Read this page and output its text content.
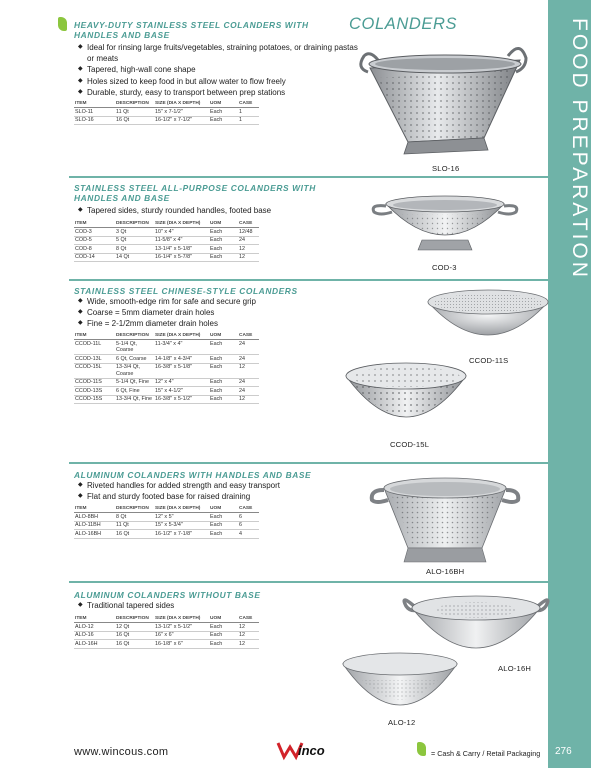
FOOD PREPARATION
COLANDERS
HEAVY-DUTY STAINLESS STEEL COLANDERS WITH HANDLES AND BASE
◆ Ideal for rinsing large fruits/vegetables, straining potatoes, or draining pastas or meats
◆ Tapered, high-wall cone shape
◆ Holes sized to keep food in but allow water to flow freely
◆ Durable, sturdy, easy to transport between prep stations
ITEM	DESCRIPTION	SIZE (DIA X DEPTH)	UOM	CASE
SLO-11	11 Qt	15" x 7-1/2"	Each	1
SLO-16	16 Qt	16-1/2" x 7-1/2"	Each	1
SLO-16
STAINLESS STEEL ALL-PURPOSE COLANDERS WITH HANDLES AND BASE
◆ Tapered sides, sturdy rounded handles, footed base
ITEM	DESCRIPTION	SIZE (DIA X DEPTH)	UOM	CASE
COD-3	3 Qt	10" x 4"	Each	12/48
COD-5	5 Qt	11-5/8" x 4"	Each	24
COD-8	8 Qt	13-1/4" x 5-1/8"	Each	12
COD-14	14 Qt	16-1/4" x 5-7/8"	Each	12
COD-3
STAINLESS STEEL CHINESE-STYLE COLANDERS
◆ Wide, smooth-edge rim for safe and secure grip
◆ Coarse = 5mm diameter drain holes
◆ Fine = 2-1/2mm diameter drain holes
ITEM	DESCRIPTION	SIZE (DIA X DEPTH)	UOM	CASE
CCOD-11L	5-1/4 Qt, Coarse	11-3/4" x 4"	Each	24
CCOD-13L	6 Qt, Coarse	14-1/8" x 4-3/4"	Each	24
CCOD-15L	13-3/4 Qt, Coarse	16-3/8" x 5-1/8"	Each	12
CCOD-11S	5-1/4 Qt, Fine	12" x 4"	Each	24
CCOD-13S	6 Qt, Fine	15" x 4-1/2"	Each	24
CCOD-15S	13-3/4 Qt, Fine	16-3/8" x 5-1/2"	Each	12
CCOD-11S
CCOD-15L
ALUMINUM COLANDERS WITH HANDLES AND BASE
◆ Riveted handles for added strength and easy transport
◆ Flat and sturdy footed base for raised draining
ITEM	DESCRIPTION	SIZE (DIA X DEPTH)	UOM	CASE
ALO-8BH	8 Qt	12" x 5"	Each	6
ALO-11BH	11 Qt	15" x 5-3/4"	Each	6
ALO-16BH	16 Qt	16-1/2" x 7-1/8"	Each	4
ALO-16BH
ALUMINUM COLANDERS WITHOUT BASE
◆ Traditional tapered sides
ITEM	DESCRIPTION	SIZE (DIA X DEPTH)	UOM	CASE
ALO-12	12 Qt	13-1/2" x 5-1/2"	Each	12
ALO-16	16 Qt	16" x 6"	Each	12
ALO-16H	16 Qt	16-1/8" x 6"	Each	12
ALO-16H
ALO-12
www.wincous.com	inco	= Cash & Carry / Retail Packaging 276
